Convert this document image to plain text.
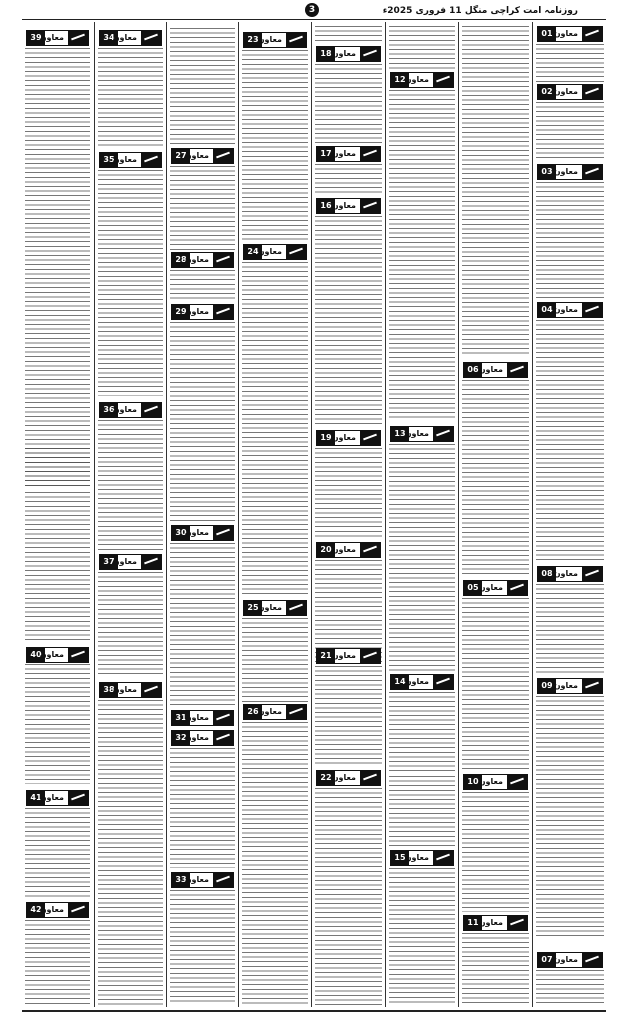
روزنامہ امت کراچی منگل 11 فروری 2025ء
3
39
معاون
40
معاون
41
معاون
42
معاون
34
معاون
35
معاون
36
معاون
37
معاون
38
معاون
27
معاون
28
معاون
29
معاون
30
معاون
31
معاون
32
معاون
33
معاون
23 معاون
24 معاون
25 معاون
26 معاون
18 معاون
17 معاون
16 معاون
19 معاون
20 معاون
21 معاون
22 معاون
12 معاون
13 معاون
14 معاون
15 معاون
06 معاون
05 معاون
10 معاون
11 معاون
01 معاون
02 معاون
03 معاون
04 معاون
08 معاون
09 معاون
07 معاون
